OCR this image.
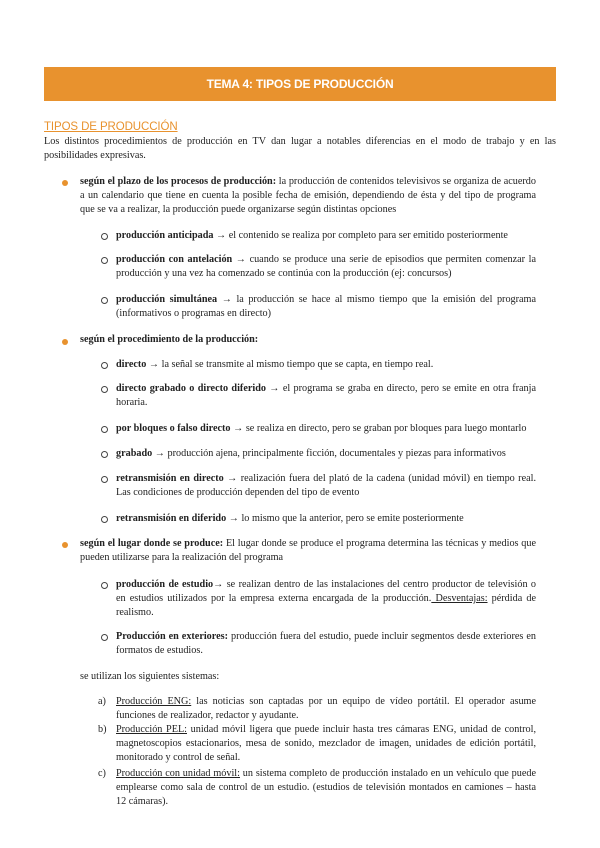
TEMA 4: TIPOS DE PRODUCCIÓN
TIPOS DE PRODUCCIÓN
Los distintos procedimientos de producción en TV dan lugar a notables diferencias en el modo de trabajo y en las posibilidades expresivas.
según el plazo de los procesos de producción: la producción de contenidos televisivos se organiza de acuerdo a un calendario que tiene en cuenta la posible fecha de emisión, dependiendo de ésta y del tipo de programa que se va a realizar, la producción puede organizarse según distintas opciones
producción anticipada → el contenido se realiza por completo para ser emitido posteriormente
producción con antelación → cuando se produce una serie de episodios que permiten comenzar la producción y una vez ha comenzado se continúa con la producción (ej: concursos)
producción simultánea → la producción se hace al mismo tiempo que la emisión del programa (informativos o programas en directo)
según el procedimiento de la producción:
directo → la señal se transmite al mismo tiempo que se capta, en tiempo real.
directo grabado o directo diferido → el programa se graba en directo, pero se emite en otra franja horaria.
por bloques o falso directo → se realiza en directo, pero se graban por bloques para luego montarlo
grabado → producción ajena, principalmente ficción, documentales y piezas para informativos
retransmisión en directo → realización fuera del plató de la cadena (unidad móvil) en tiempo real. Las condiciones de producción dependen del tipo de evento
retransmisión en diferido → lo mismo que la anterior, pero se emite posteriormente
según el lugar donde se produce: El lugar donde se produce el programa determina las técnicas y medios que pueden utilizarse para la realización del programa
producción de estudio→ se realizan dentro de las instalaciones del centro productor de televisión o en estudios utilizados por la empresa externa encargada de la producción. Desventajas: pérdida de realismo.
Producción en exteriores: producción fuera del estudio, puede incluir segmentos desde exteriores en formatos de estudios.
se utilizan los siguientes sistemas:
a) Producción ENG: las noticias son captadas por un equipo de vídeo portátil. El operador asume funciones de realizador, redactor y ayudante.
b) Producción PEL: unidad móvil ligera que puede incluir hasta tres cámaras ENG, unidad de control, magnetoscopios estacionarios, mesa de sonido, mezclador de imagen, unidades de edición portátil, monitorado y control de señal.
c) Producción con unidad móvil: un sistema completo de producción instalado en un vehículo que puede emplearse como sala de control de un estudio. (estudios de televisión montados en camiones – hasta 12 cámaras).
